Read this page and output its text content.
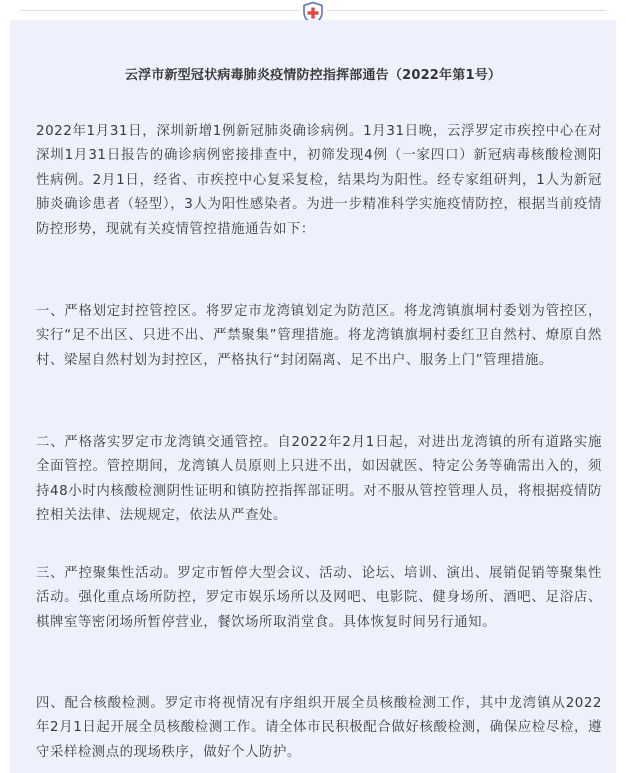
云浮市新型冠状病毒肺炎疫情防控指挥部通告（2022年第1号）

2022年1月31日，深圳新增1例新冠肺炎确诊病例。1月31日晚，云浮罗定市疾控中心在对深圳1月31日报告的确诊病例密接排查中，初筛发现4例（一家四口）新冠病毒核酸检测阳性病例。2月1日，经省、市疾控中心复采复检，结果均为阳性。经专家组研判，1人为新冠肺炎确诊患者（轻型），3人为阳性感染者。为进一步精准科学实施疫情防控，根据当前疫情防控形势，现就有关疫情管控措施通告如下：

一、严格划定封控管控区。将罗定市龙湾镇划定为防范区。将龙湾镇旗垌村委划为管控区，实行“足不出区、只进不出、严禁聚集”管理措施。将龙湾镇旗垌村委红卫自然村、燎原自然村、梁屋自然村划为封控区，严格执行“封闭隔离、足不出户、服务上门”管理措施。

二、严格落实罗定市龙湾镇交通管控。自2022年2月1日起，对进出龙湾镇的所有道路实施全面管控。管控期间，龙湾镇人员原则上只进不出，如因就医、特定公务等确需出入的，须持48小时内核酸检测阴性证明和镇防控指挥部证明。对不服从管控管理人员，将根据疫情防控相关法律、法规规定，依法从严查处。

三、严控聚集性活动。罗定市暂停大型会议、活动、论坛、培训、演出、展销促销等聚集性活动。强化重点场所防控，罗定市娱乐场所以及网吧、电影院、健身场所、酒吧、足浴店、棋牌室等密闭场所暂停营业，餐饮场所取消堂食。具体恢复时间另行通知。

四、配合核酸检测。罗定市将视情况有序组织开展全员核酸检测工作，其中龙湾镇从2022年2月1日起开展全员核酸检测工作。请全体市民积极配合做好核酸检测，确保应检尽检，遵守采样检测点的现场秩序，做好个人防护。
